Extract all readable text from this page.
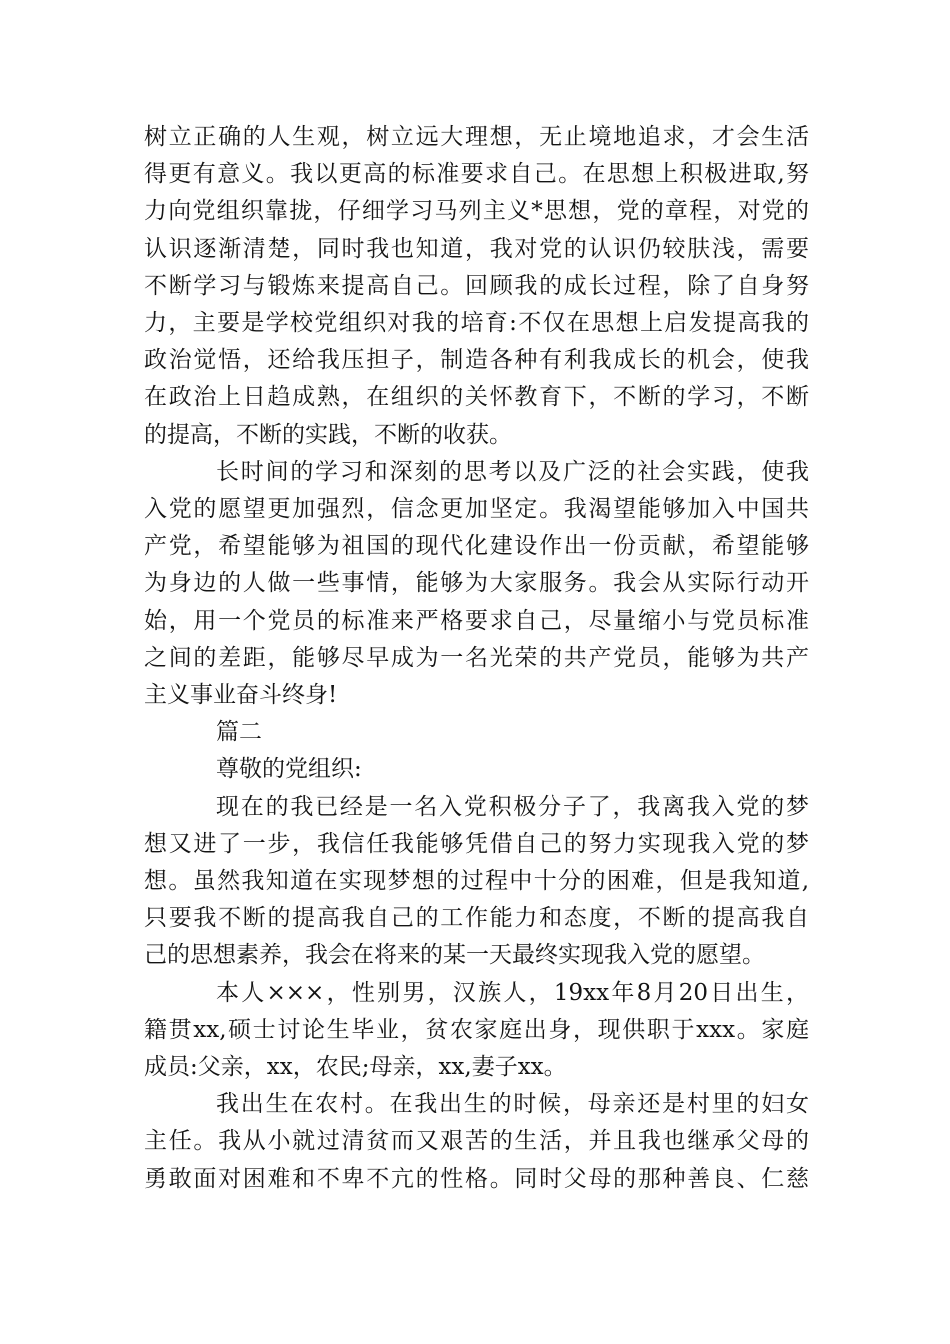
树立正确的人生观，树立远大理想，无止境地追求，才会生活
得更有意义。我以更高的标准要求自己。在思想上积极进取,努
力向党组织靠拢，仔细学习马列主义*思想，党的章程，对党的
认识逐渐清楚，同时我也知道，我对党的认识仍较肤浅，需要
不断学习与锻炼来提高自己。回顾我的成长过程，除了自身努
力，主要是学校党组织对我的培育:不仅在思想上启发提高我的
政治觉悟，还给我压担子，制造各种有利我成长的机会，使我
在政治上日趋成熟，在组织的关怀教育下，不断的学习，不断
的提高，不断的实践，不断的收获。

长时间的学习和深刻的思考以及广泛的社会实践，使我
入党的愿望更加强烈，信念更加坚定。我渴望能够加入中国共
产党，希望能够为祖国的现代化建设作出一份贡献，希望能够
为身边的人做一些事情，能够为大家服务。我会从实际行动开
始，用一个党员的标准来严格要求自己，尽量缩小与党员标准
之间的差距，能够尽早成为一名光荣的共产党员，能够为共产
主义事业奋斗终身!

篇二

尊敬的党组织:

现在的我已经是一名入党积极分子了，我离我入党的梦
想又进了一步，我信任我能够凭借自己的努力实现我入党的梦
想。虽然我知道在实现梦想的过程中十分的困难，但是我知道,
只要我不断的提高我自己的工作能力和态度，不断的提高我自
己的思想素养，我会在将来的某一天最终实现我入党的愿望。

本人×××，性别男，汉族人，19xx年8月20日出生，
籍贯xx,硕士讨论生毕业，贫农家庭出身，现供职于xxx。家庭
成员:父亲，xx，农民;母亲，xx,妻子xx。

我出生在农村。在我出生的时候，母亲还是村里的妇女
主任。我从小就过清贫而又艰苦的生活，并且我也继承父母的
勇敢面对困难和不卑不亢的性格。同时父母的那种善良、仁慈
